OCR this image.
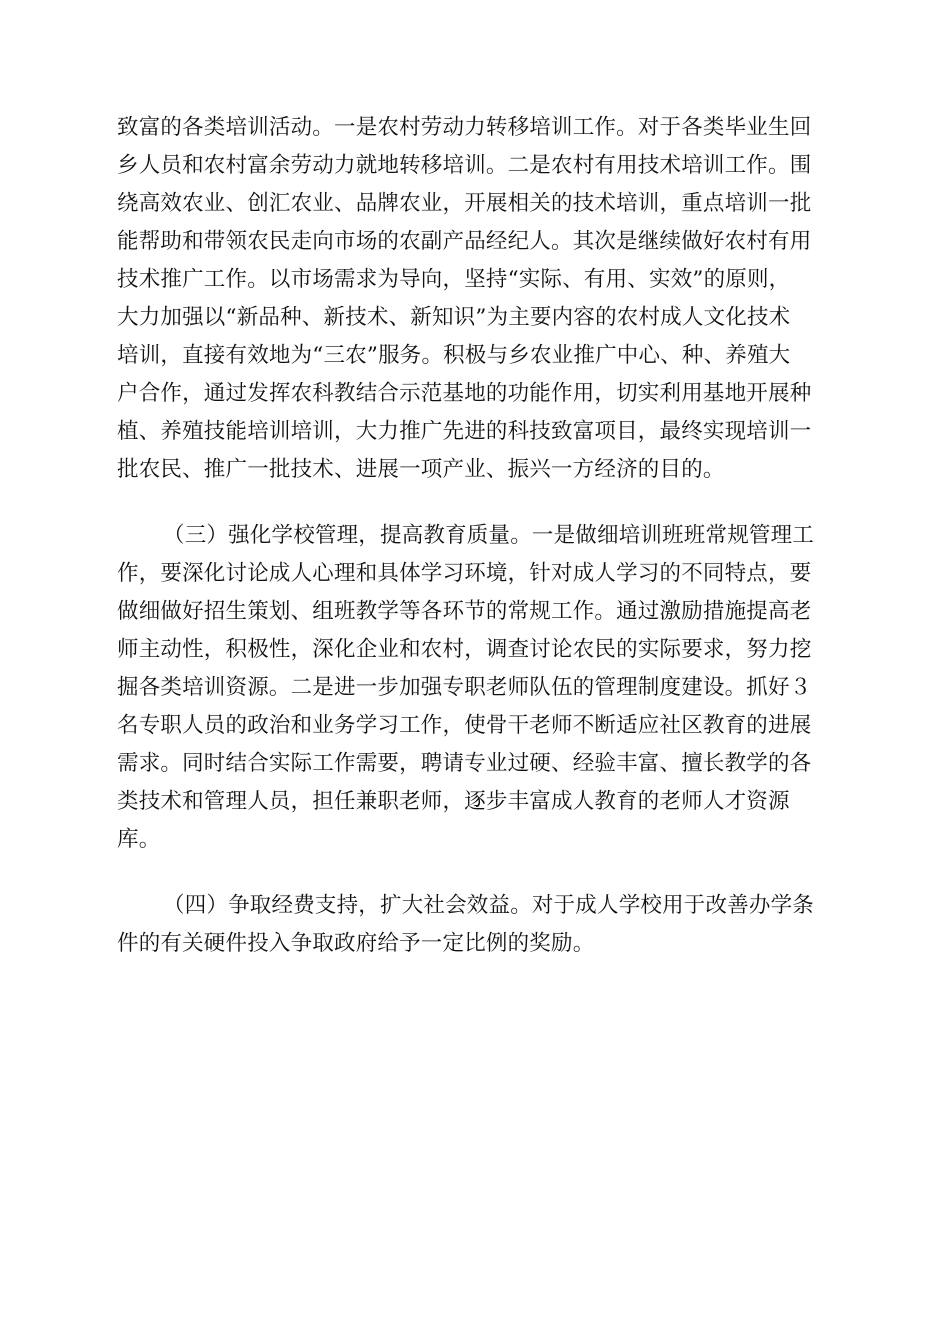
致富的各类培训活动。一是农村劳动力转移培训工作。对于各类毕业生回
乡人员和农村富余劳动力就地转移培训。二是农村有用技术培训工作。围
绕高效农业、创汇农业、品牌农业，开展相关的技术培训，重点培训一批
能帮助和带领农民走向市场的农副产品经纪人。其次是继续做好农村有用
技术推广工作。以市场需求为导向，坚持“实际、有用、实效”的原则，
大力加强以“新品种、新技术、新知识”为主要内容的农村成人文化技术
培训，直接有效地为“三农”服务。积极与乡农业推广中心、种、养殖大
户合作，通过发挥农科教结合示范基地的功能作用，切实利用基地开展种
植、养殖技能培训培训，大力推广先进的科技致富项目，最终实现培训一
批农民、推广一批技术、进展一项产业、振兴一方经济的目的。

（三）强化学校管理，提高教育质量。一是做细培训班班常规管理工
作，要深化讨论成人心理和具体学习环境，针对成人学习的不同特点，要
做细做好招生策划、组班教学等各环节的常规工作。通过激励措施提高老
师主动性，积极性，深化企业和农村，调查讨论农民的实际要求，努力挖
掘各类培训资源。二是进一步加强专职老师队伍的管理制度建设。抓好３
名专职人员的政治和业务学习工作，使骨干老师不断适应社区教育的进展
需求。同时结合实际工作需要，聘请专业过硬、经验丰富、擅长教学的各
类技术和管理人员，担任兼职老师，逐步丰富成人教育的老师人才资源
库。

（四）争取经费支持，扩大社会效益。对于成人学校用于改善办学条
件的有关硬件投入争取政府给予一定比例的奖励。
